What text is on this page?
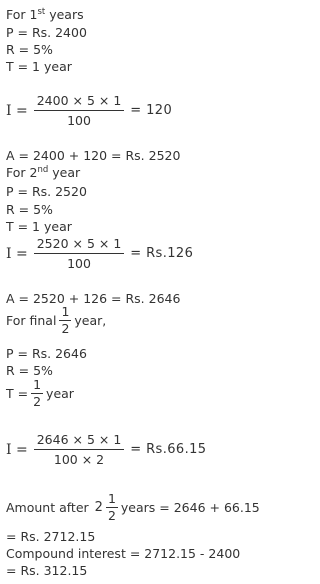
For 1st years
P = Rs. 2400
R = 5%
T = 1 year
$I = \frac{2400 \times 5 \times 1}{100} = 120$
A = 2400 + 120 = Rs. 2520
For 2nd year
P = Rs. 2520
R = 5%
T = 1 year
$I = \frac{2520 \times 5 \times 1}{100} = Rs.126$
A = 2520 + 126 = Rs. 2646
For final $\frac{1}{2}$ year,
P = Rs. 2646
R = 5%
$T = \frac{1}{2}$ year
$I = \frac{2646 \times 5 \times 1}{100 \times 2} = Rs.66.15$
Amount after $2 \frac{1}{2}$ years = 2646 + 66.15
= Rs. 2712.15
Compound interest = 2712.15 - 2400
= Rs. 312.15
